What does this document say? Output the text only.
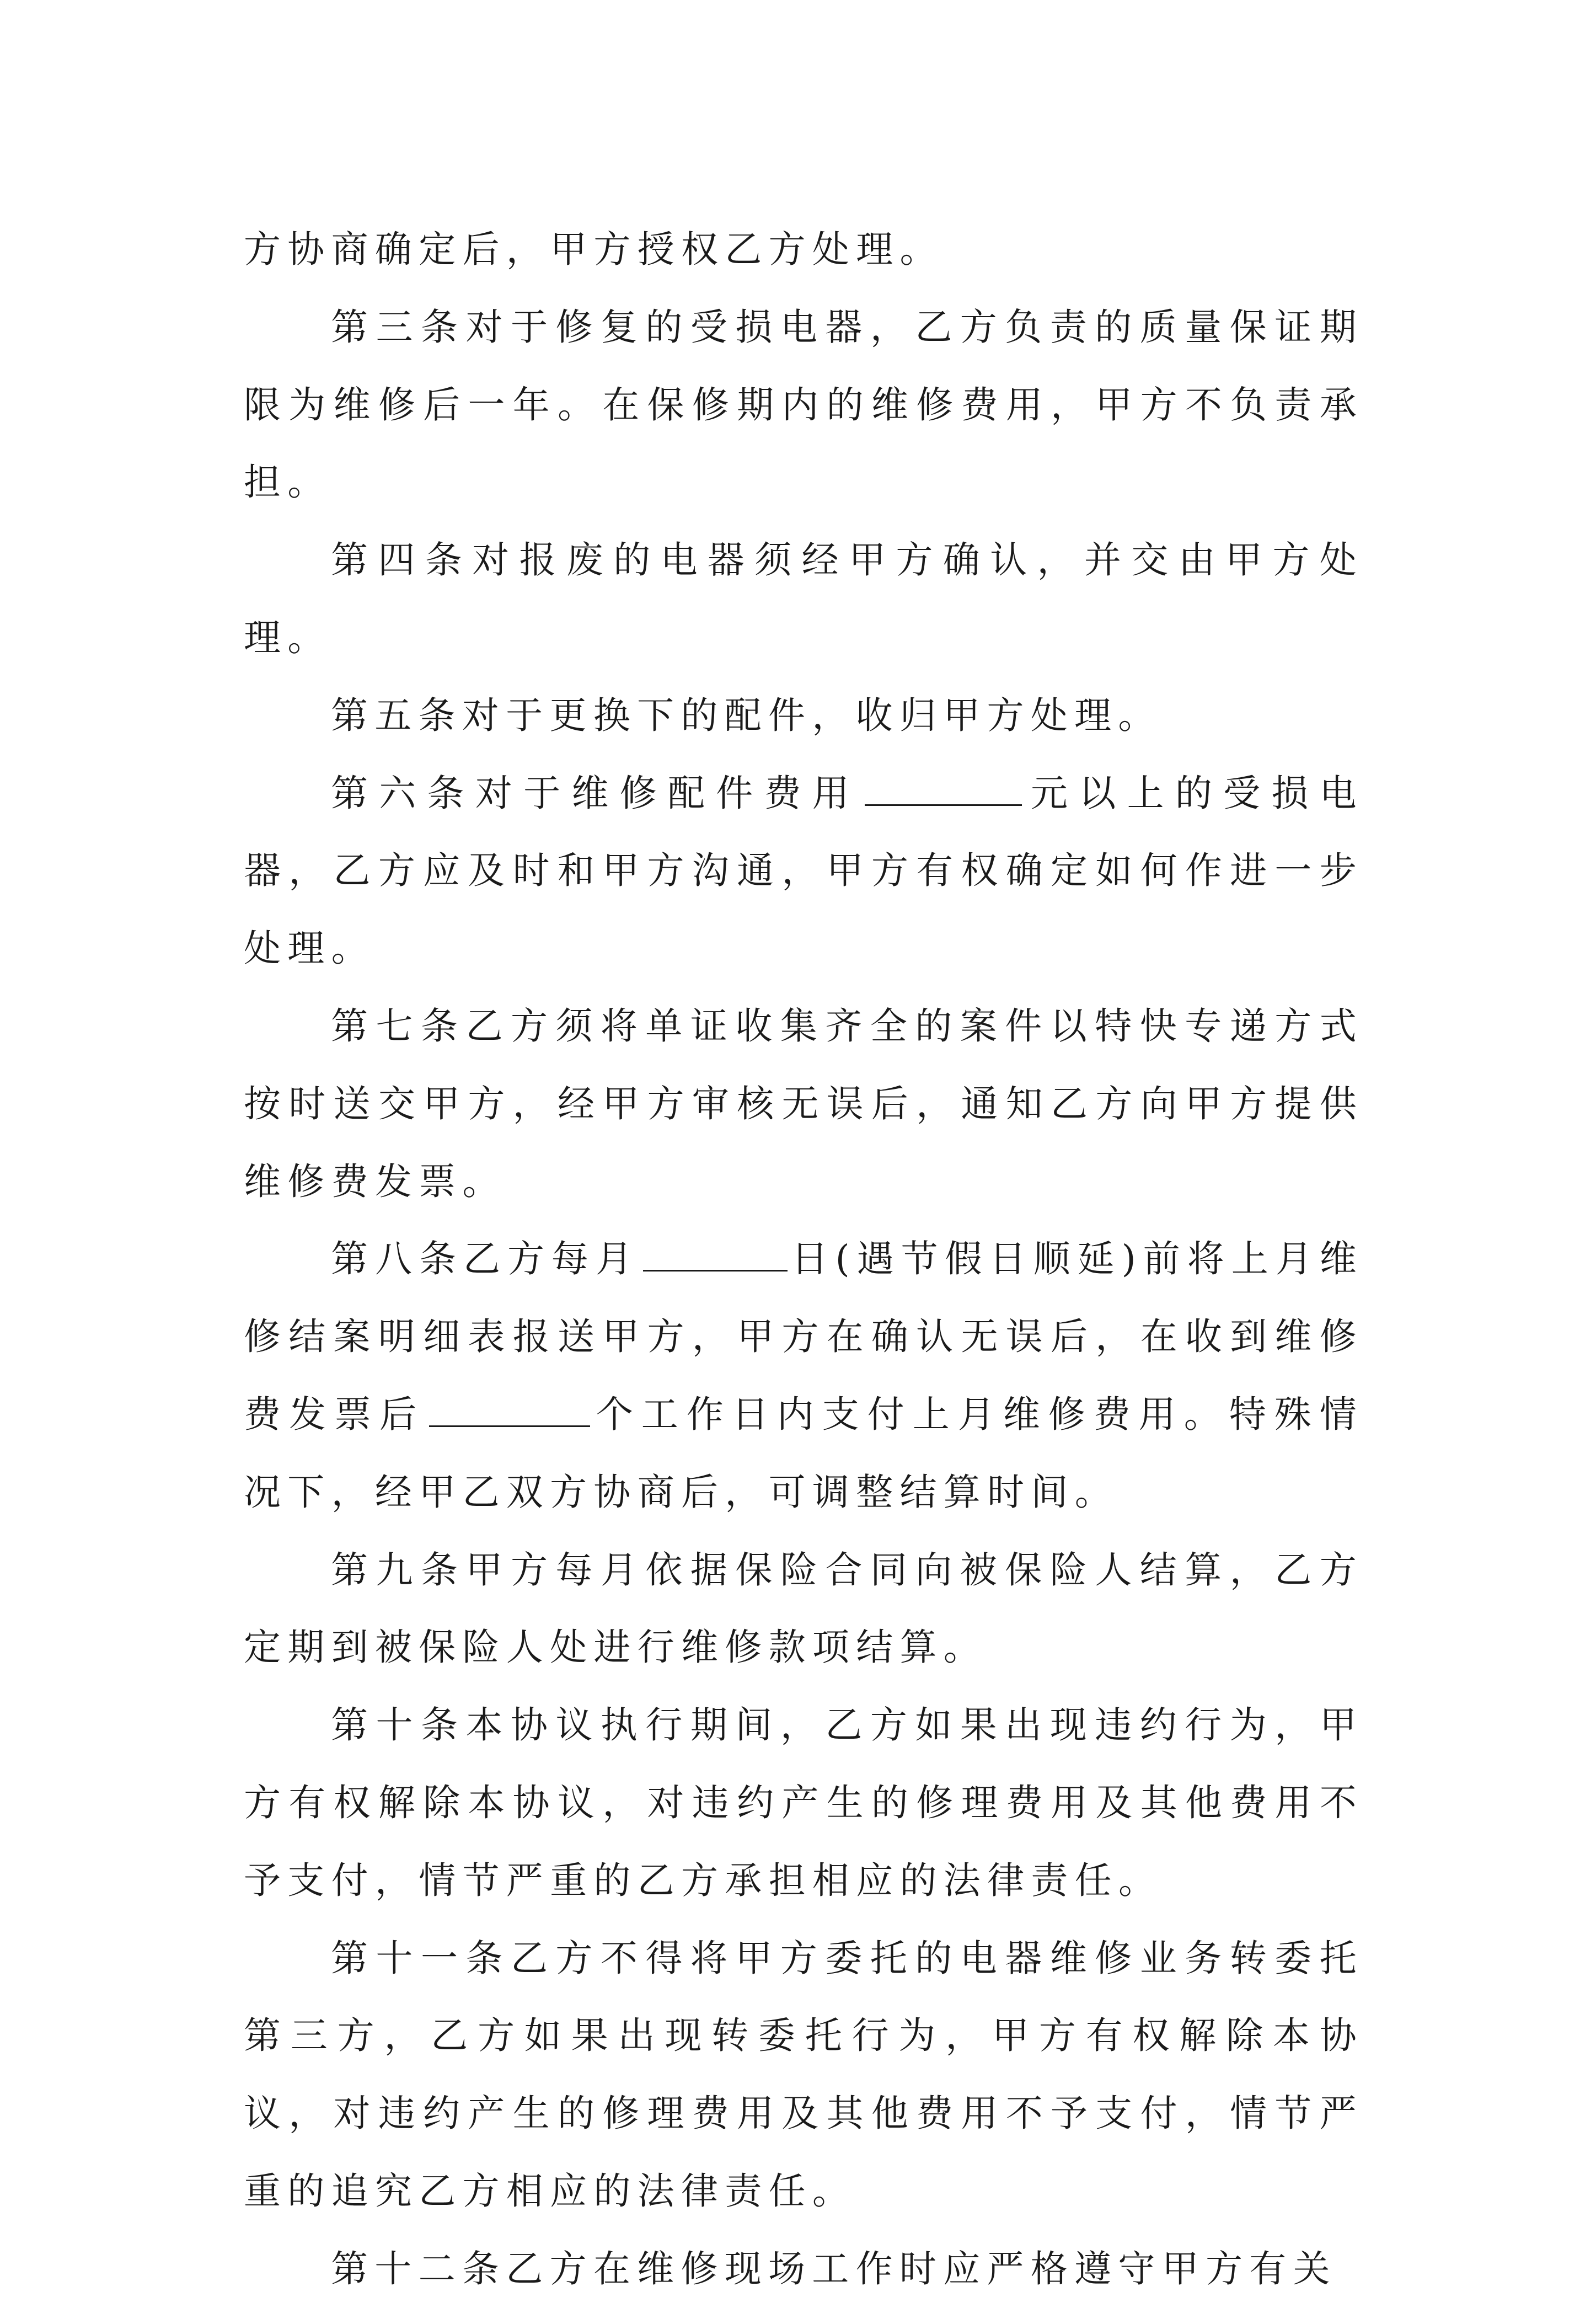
方协商确定后，甲方授权乙方处理。

第三条对于修复的受损电器，乙方负责的质量保证期限为维修后一年。在保修期内的维修费用，甲方不负责承担。

第四条对报废的电器须经甲方确认，并交由甲方处理。

第五条对于更换下的配件，收归甲方处理。

第六条对于维修配件费用	元以上的受损电器，乙方应及时和甲方沟通，甲方有权确定如何作进一步处理。

第七条乙方须将单证收集齐全的案件以特快专递方式按时送交甲方，经甲方审核无误后，通知乙方向甲方提供维修费发票。

第八条乙方每月	日(遇节假日顺延)前将上月维修结案明细表报送甲方，甲方在确认无误后，在收到维修费发票后	个工作日内支付上月维修费用。特殊情况下，经甲乙双方协商后，可调整结算时间。

第九条甲方每月依据保险合同向被保险人结算，乙方定期到被保险人处进行维修款项结算。

第十条本协议执行期间，乙方如果出现违约行为，甲方有权解除本协议，对违约产生的修理费用及其他费用不予支付，情节严重的乙方承担相应的法律责任。

第十一条乙方不得将甲方委托的电器维修业务转委托第三方，乙方如果出现转委托行为，甲方有权解除本协议，对违约产生的修理费用及其他费用不予支付，情节严重的追究乙方相应的法律责任。

第十二条乙方在维修现场工作时应严格遵守甲方有关
